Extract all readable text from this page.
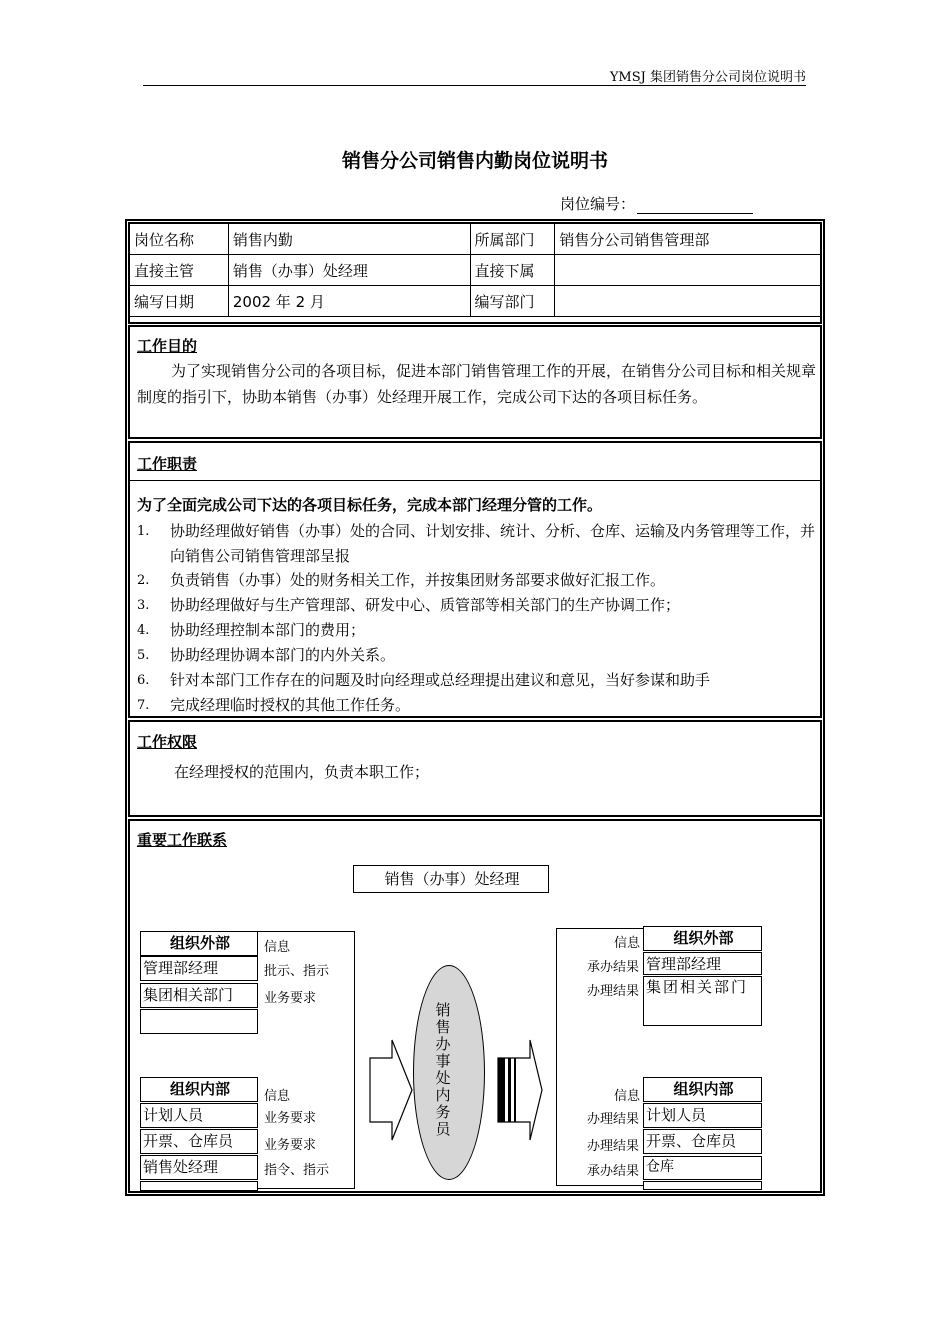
YMSJ 集团销售分公司岗位说明书
销售分公司销售内勤岗位说明书
岗位编号：
岗位名称	销售内勤	所属部门	销售分公司销售管理部
直接主管	销售（办事）处经理	直接下属	
编写日期	2002 年 2 月	编写部门	
工作目的
为了实现销售分公司的各项目标，促进本部门销售管理工作的开展，在销售分公司目标和相关规章制度的指引下，协助本销售（办事）处经理开展工作，完成公司下达的各项目标任务。
工作职责
为了全面完成公司下达的各项目标任务，完成本部门经理分管的工作。
1.	协助经理做好销售（办事）处的合同、计划安排、统计、分析、仓库、运输及内务管理等工作，并向销售公司销售管理部呈报
2.	负责销售（办事）处的财务相关工作，并按集团财务部要求做好汇报工作。
3.	协助经理做好与生产管理部、研发中心、质管部等相关部门的生产协调工作；
4.	协助经理控制本部门的费用；
5.	协助经理协调本部门的内外关系。
6.	针对本部门工作存在的问题及时向经理或总经理提出建议和意见，当好参谋和助手
7.	完成经理临时授权的其他工作任务。
工作权限
在经理授权的范围内，负责本职工作；
重要工作联系
销售（办事）处经理
组织外部
管理部经理
集团相关部门
信息
批示、指示
业务要求
组织内部
计划人员
开票、仓库员
销售处经理
信息
业务要求
业务要求
指令、指示
销售办事处内务员
组织外部
管理部经理
集团相关部门
信息
承办结果
办理结果
组织内部
计划人员
开票、仓库员
仓库
信息
办理结果
办理结果
承办结果
